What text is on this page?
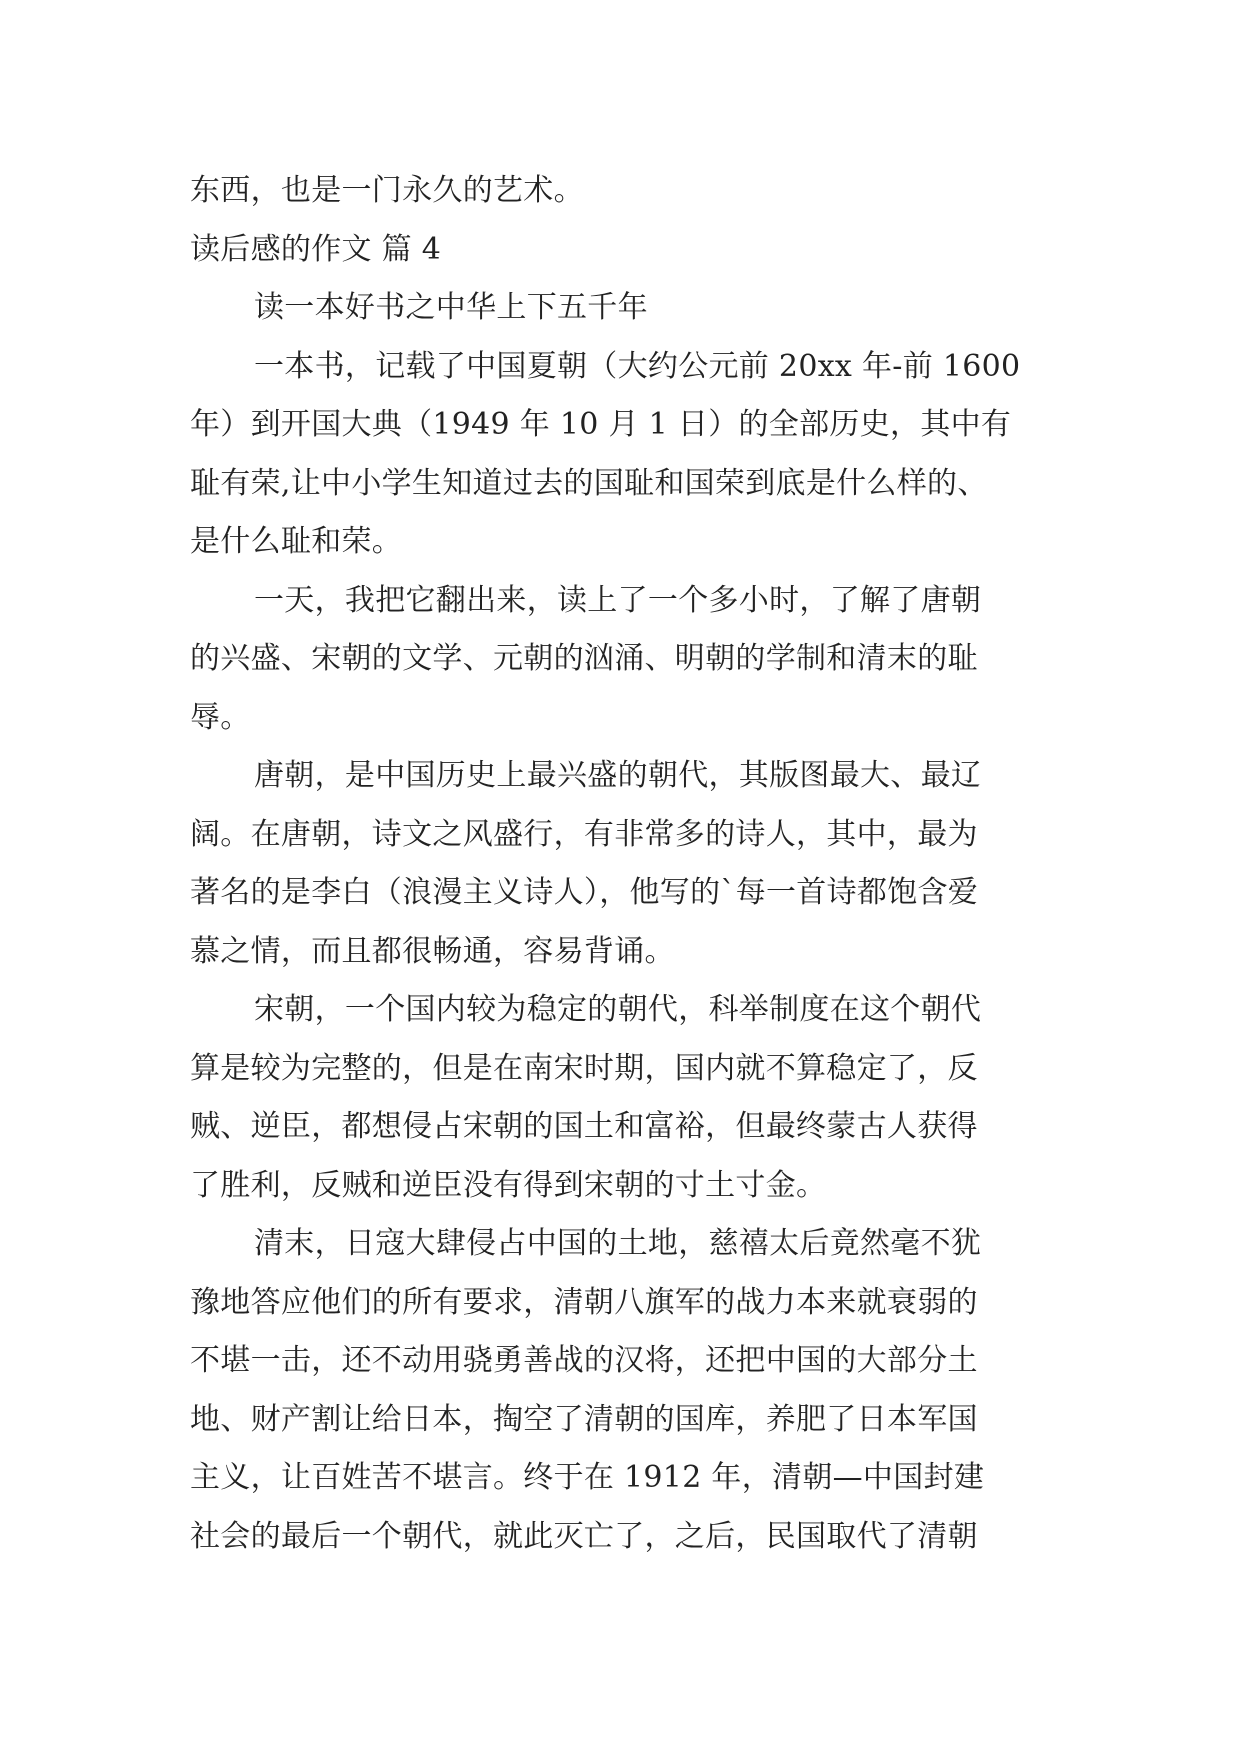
东西，也是一门永久的艺术。

读后感的作文 篇 4

读一本好书之中华上下五千年

一本书，记载了中国夏朝（大约公元前 20xx 年-前 1600

年）到开国大典（1949 年 10 月 1 日）的全部历史，其中有

耻有荣,让中小学生知道过去的国耻和国荣到底是什么样的、

是什么耻和荣。

一天，我把它翻出来，读上了一个多小时，了解了唐朝

的兴盛、宋朝的文学、元朝的汹涌、明朝的学制和清末的耻

辱。

唐朝，是中国历史上最兴盛的朝代，其版图最大、最辽

阔。在唐朝，诗文之风盛行，有非常多的诗人，其中，最为

著名的是李白（浪漫主义诗人），他写的`每一首诗都饱含爱

慕之情，而且都很畅通，容易背诵。

宋朝，一个国内较为稳定的朝代，科举制度在这个朝代

算是较为完整的，但是在南宋时期，国内就不算稳定了，反

贼、逆臣，都想侵占宋朝的国土和富裕，但最终蒙古人获得

了胜利，反贼和逆臣没有得到宋朝的寸土寸金。

清末，日寇大肆侵占中国的土地，慈禧太后竟然毫不犹

豫地答应他们的所有要求，清朝八旗军的战力本来就衰弱的

不堪一击，还不动用骁勇善战的汉将，还把中国的大部分土

地、财产割让给日本，掏空了清朝的国库，养肥了日本军国

主义，让百姓苦不堪言。终于在 1912 年，清朝—中国封建

社会的最后一个朝代，就此灭亡了，之后，民国取代了清朝
